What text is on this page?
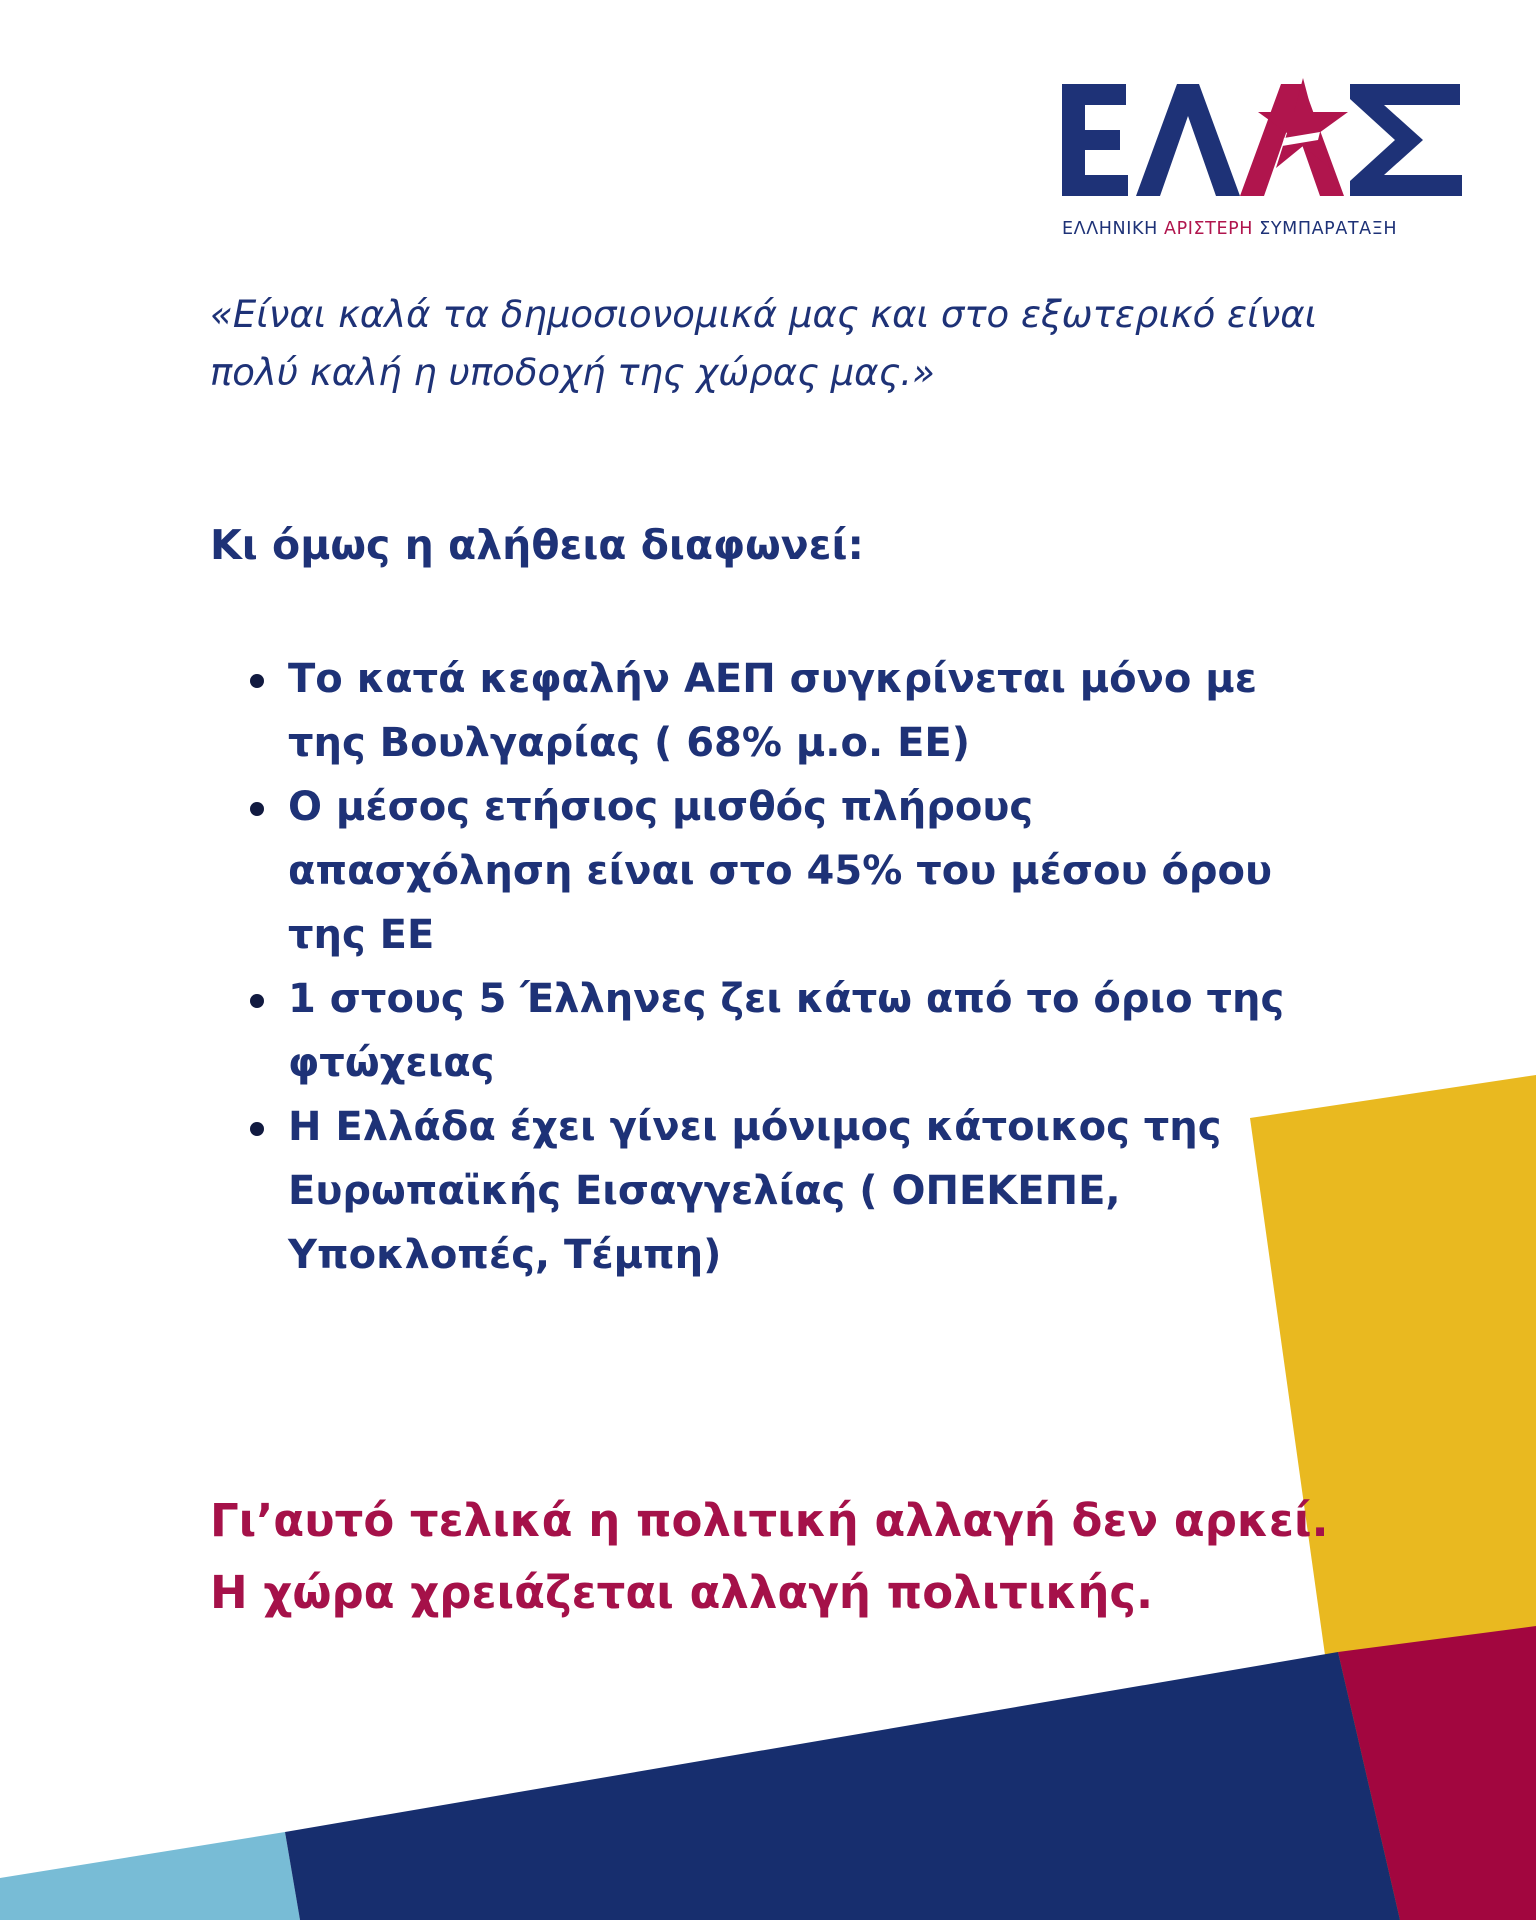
ΕΛΛΗΝΙΚΗ ΑΡΙΣΤΕΡΗ ΣΥΜΠΑΡΑΤΑΞΗ

«Είναι καλά τα δημοσιονομικά μας και στο εξωτερικό είναι
πολύ καλή η υποδοχή της χώρας μας.»

Κι όμως η αλήθεια διαφωνεί:
Το κατά κεφαλήν ΑΕΠ συγκρίνεται μόνο με
της Βουλγαρίας ( 68% μ.ο. ΕΕ)
Ο μέσος ετήσιος μισθός πλήρους
απασχόληση είναι στο 45% του μέσου όρου
της ΕΕ
1 στους 5 Έλληνες ζει κάτω από το όριο της
φτώχειας
Η Ελλάδα έχει γίνει μόνιμος κάτοικος της
Ευρωπαϊκής Εισαγγελίας ( ΟΠΕΚΕΠΕ,
Υποκλοπές, Τέμπη)

Γι’αυτό τελικά η πολιτική αλλαγή δεν αρκεί.
Η χώρα χρειάζεται αλλαγή πολιτικής.
